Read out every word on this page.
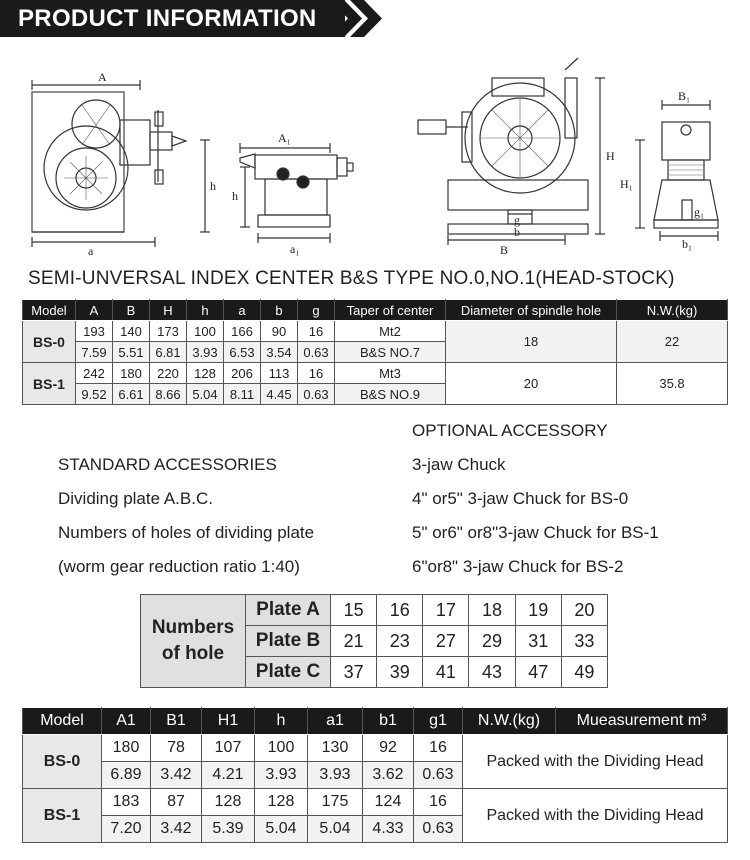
PRODUCT INFORMATION
A
a
h
A₁
a₁
h
H
B
g
b
B₁
H₁
g₁
b₁
SEMI-UNVERSAL INDEX CENTER B&S TYPE NO.0,NO.1(HEAD-STOCK)
Model	A	B	H	h	a	b	g	Taper of center	Diameter of spindle hole	N.W.(kg)
BS-0	193	140	173	100	166	90	16	Mt2	18	22
	7.59	5.51	6.81	3.93	6.53	3.54	0.63	B&S NO.7		
BS-1	242	180	220	128	206	113	16	Mt3	20	35.8
	9.52	6.61	8.66	5.04	8.11	4.45	0.63	B&S NO.9		
OPTIONAL ACCESSORY
STANDARD ACCESSORIES
Dividing plate A.B.C.
Numbers of holes of dividing plate
(worm gear reduction ratio 1:40)
3-jaw Chuck
4" or5" 3-jaw Chuck for BS-0
5" or6" or8"3-jaw Chuck for BS-1
6"or8" 3-jaw Chuck for BS-2
Numbers of hole	Plate A	15	16	17	18	19	20
	Plate B	21	23	27	29	31	33
	Plate C	37	39	41	43	47	49
Model	A1	B1	H1	h	a1	b1	g1	N.W.(kg)	Mueasurement m³
BS-0	180	78	107	100	130	92	16	Packed with the Dividing Head	
	6.89	3.42	4.21	3.93	3.93	3.62	0.63		
BS-1	183	87	128	128	175	124	16	Packed with the Dividing Head	
	7.20	3.42	5.39	5.04	5.04	4.33	0.63		
